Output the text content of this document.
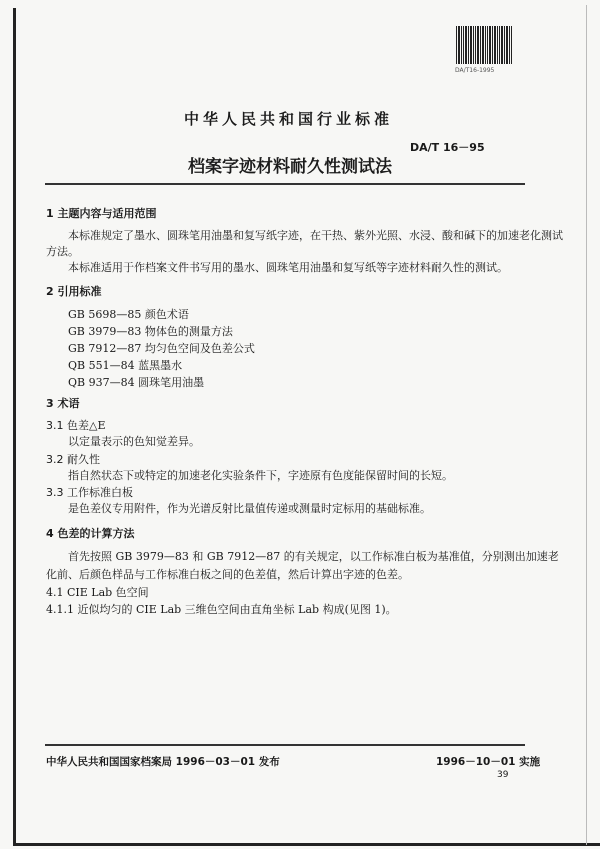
DA/T16-1995
中华人民共和国行业标准
DA/T 16－95
档案字迹材料耐久性测试法
1 主题内容与适用范围
本标准规定了墨水、圆珠笔用油墨和复写纸字迹，在干热、紫外光照、水浸、酸和碱下的加速老化测试
方法。
本标准适用于作档案文件书写用的墨水、圆珠笔用油墨和复写纸等字迹材料耐久性的测试。
2 引用标准
GB 5698—85 颜色术语
GB 3979—83 物体色的测量方法
GB 7912—87 均匀色空间及色差公式
QB 551—84 蓝黑墨水
QB 937—84 圆珠笔用油墨
3 术语
3.1 色差△E
以定量表示的色知觉差异。
3.2 耐久性
指自然状态下或特定的加速老化实验条件下，字迹原有色度能保留时间的长短。
3.3 工作标准白板
是色差仪专用附件，作为光谱反射比量值传递或测量时定标用的基础标准。
4 色差的计算方法
首先按照 GB 3979—83 和 GB 7912—87 的有关规定，以工作标准白板为基准值，分别测出加速老
化前、后颜色样品与工作标准白板之间的色差值，然后计算出字迹的色差。
4.1 CIE Lab 色空间
4.1.1 近似均匀的 CIE Lab 三维色空间由直角坐标 Lab 构成(见图 1)。
中华人民共和国国家档案局 1996－03－01 发布	1996－10－01 实施
39
